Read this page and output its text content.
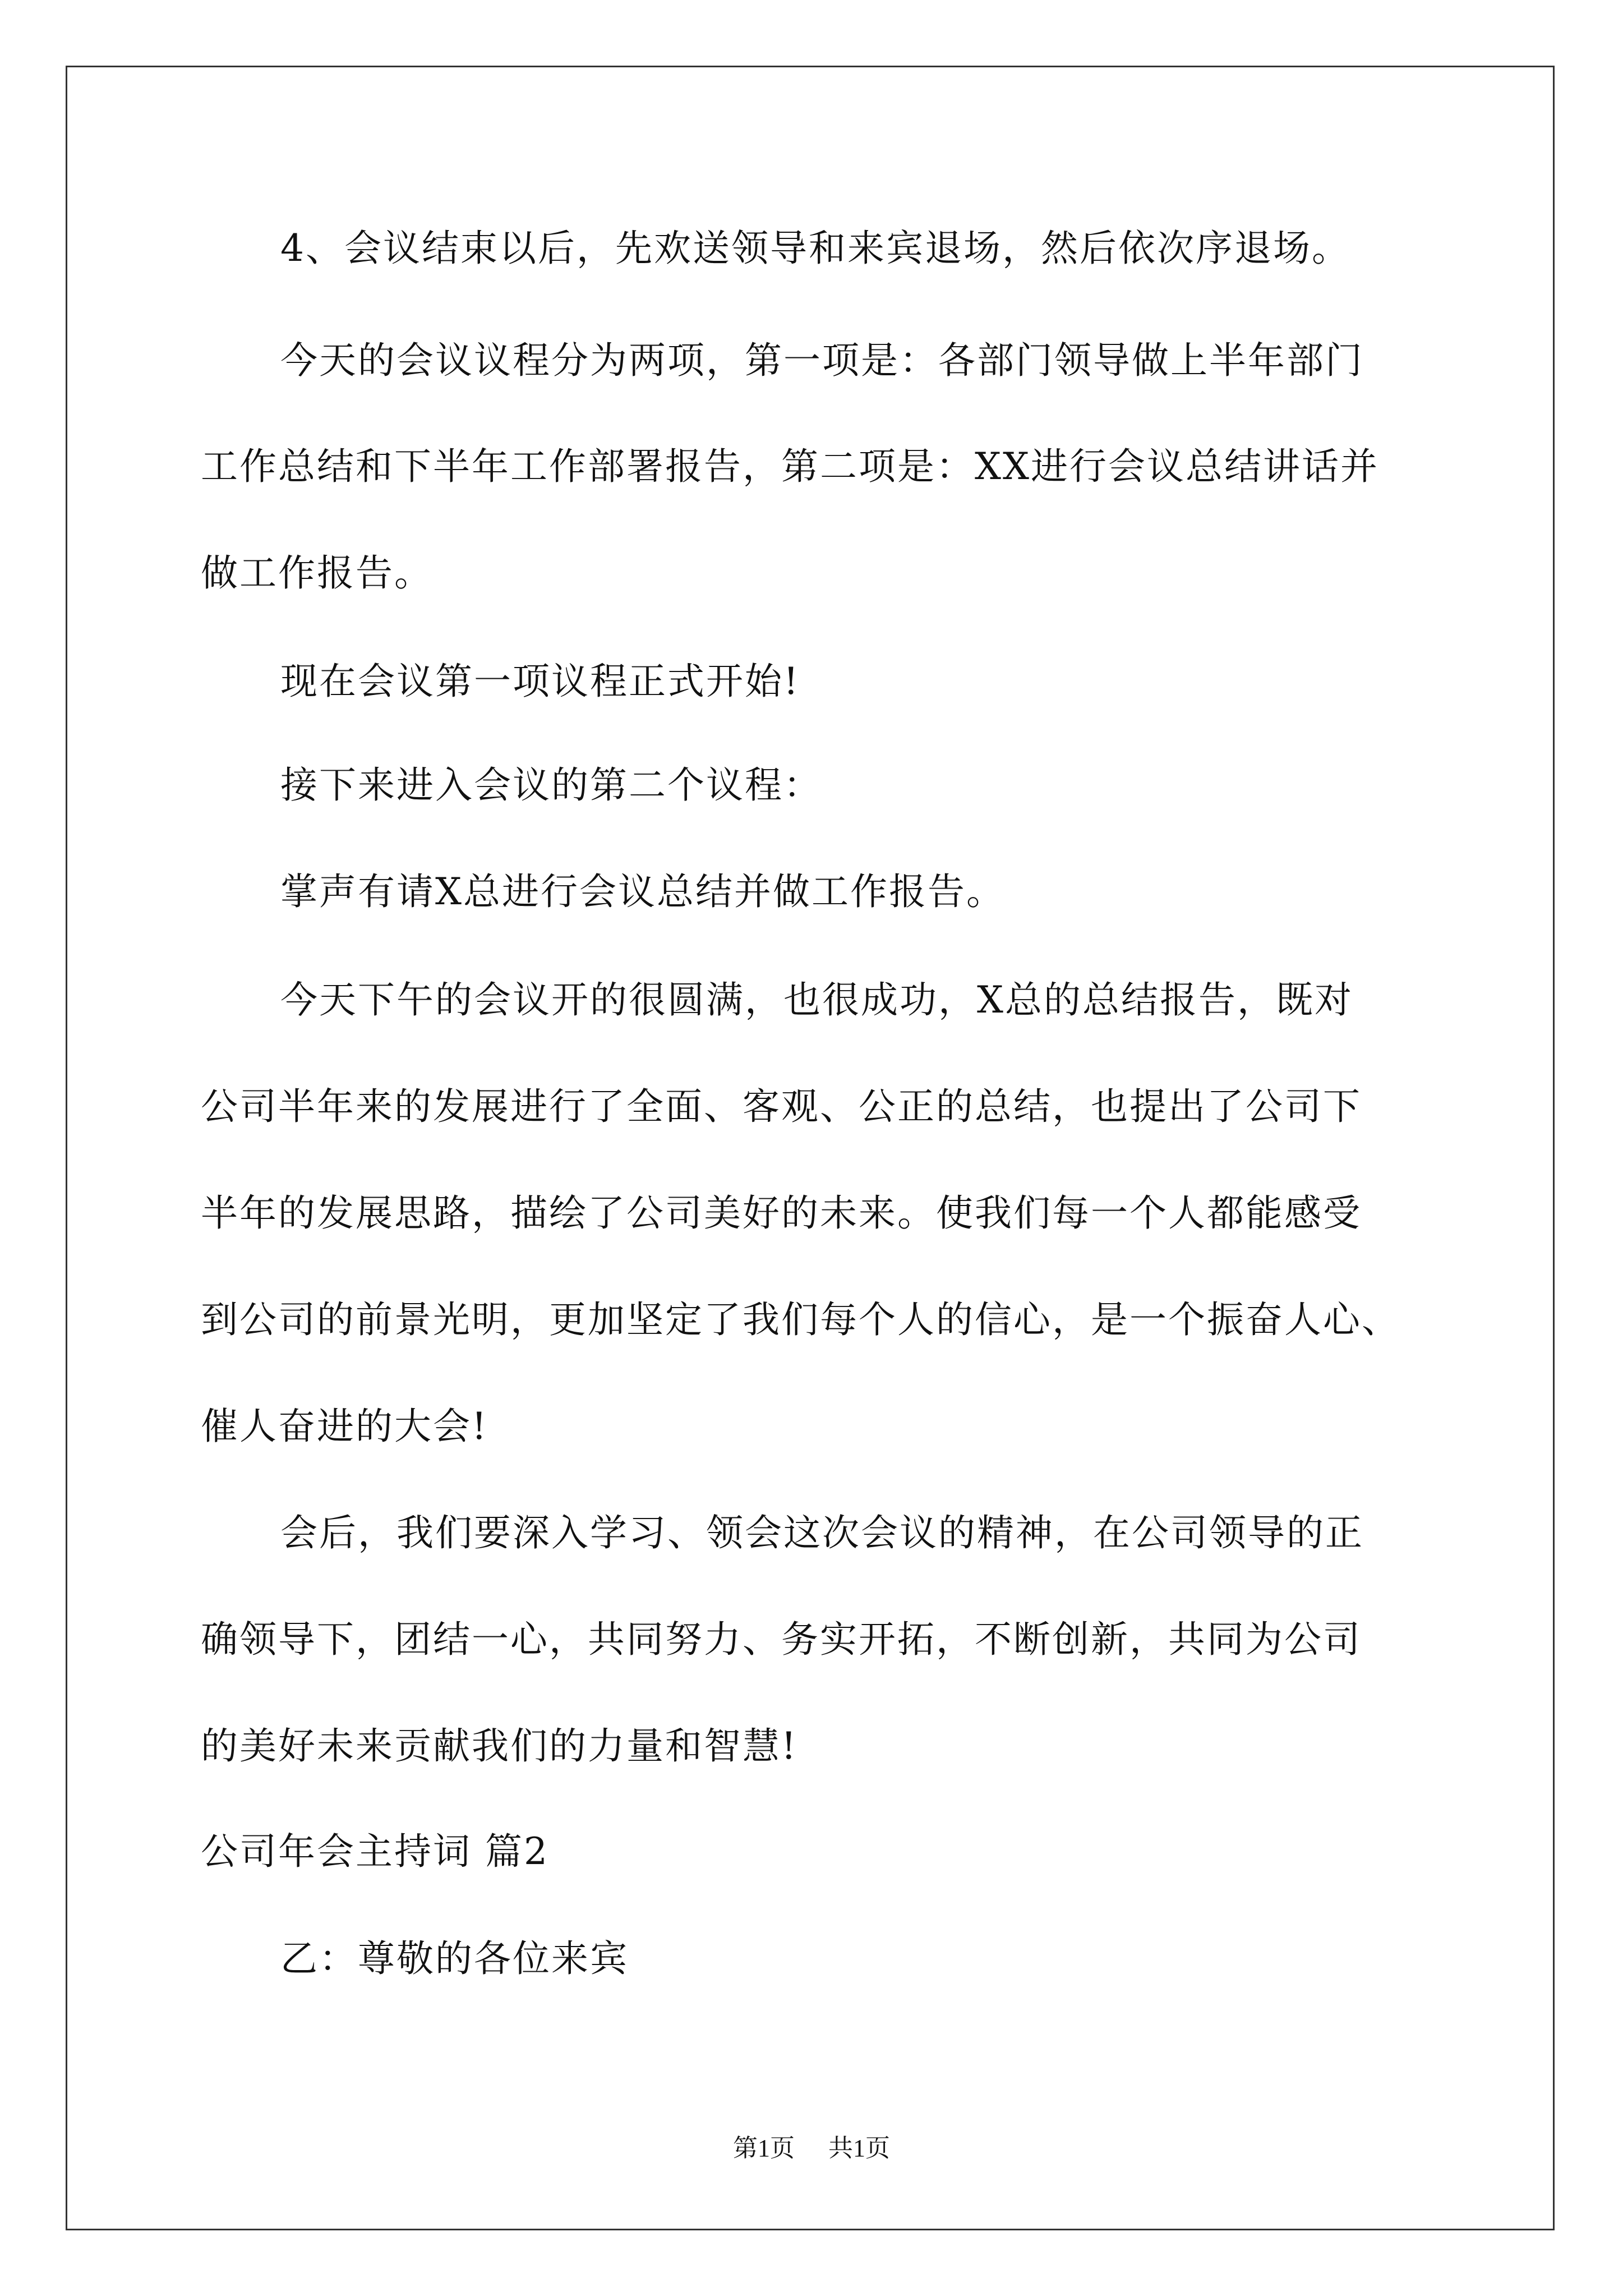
4、会议结束以后，先欢送领导和来宾退场，然后依次序退场。
今天的会议议程分为两项，第一项是：各部门领导做上半年部门
工作总结和下半年工作部署报告，第二项是：XX进行会议总结讲话并
做工作报告。
现在会议第一项议程正式开始!
接下来进入会议的第二个议程：
掌声有请X总进行会议总结并做工作报告。
今天下午的会议开的很圆满，也很成功，X总的总结报告，既对
公司半年来的发展进行了全面、客观、公正的总结，也提出了公司下
半年的发展思路，描绘了公司美好的未来。使我们每一个人都能感受
到公司的前景光明，更加坚定了我们每个人的信心，是一个振奋人心、
催人奋进的大会!
会后，我们要深入学习、领会这次会议的精神，在公司领导的正
确领导下，团结一心，共同努力、务实开拓，不断创新，共同为公司
的美好未来贡献我们的力量和智慧!
公司年会主持词 篇2
乙：尊敬的各位来宾
第1页 共1页
